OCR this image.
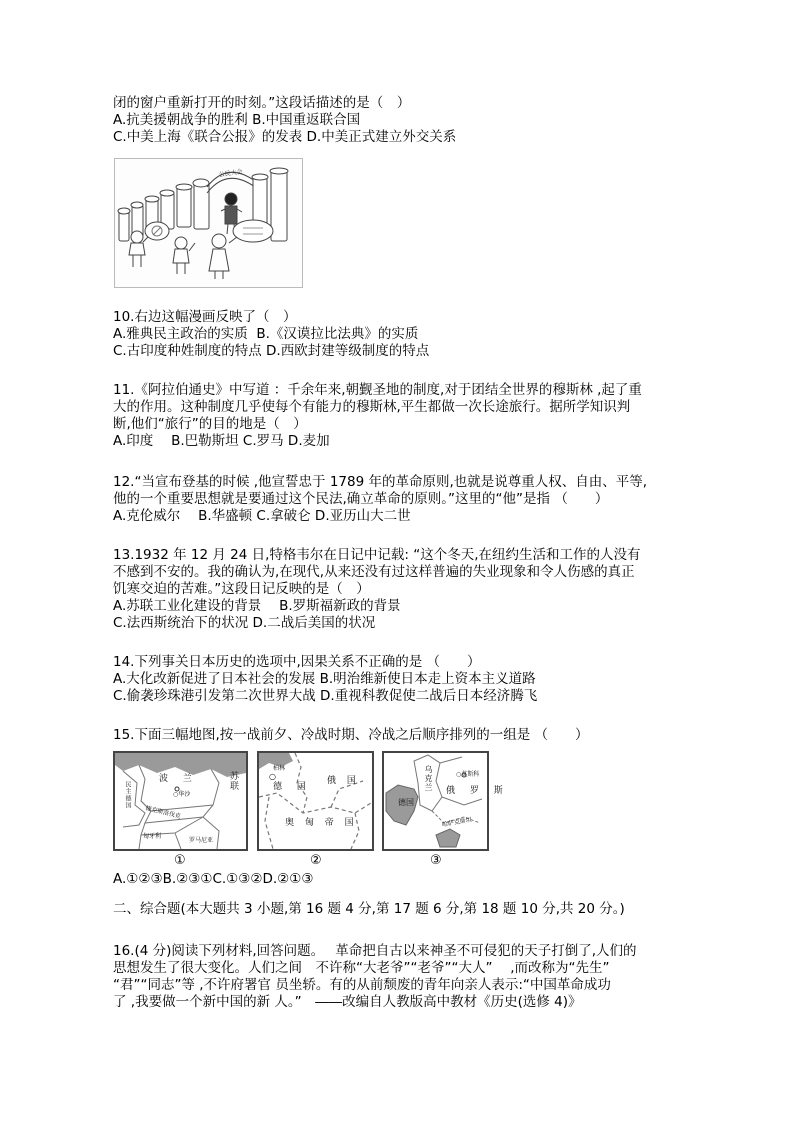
闭的窗户重新打开的时刻。”这段话描述的是（　）
A.抗美援朝战争的胜利 B.中国重返联合国
C.中美上海《联合公报》的发表 D.中美正式建立外交关系
公民大会
10.右边这幅漫画反映了（　）
A.雅典民主政治的实质  B.《汉谟拉比法典》的实质
C.古印度种姓制度的特点 D.西欧封建等级制度的特点
11.《阿拉伯通史》中写道 ：千余年来,朝觐圣地的制度,对于团结全世界的穆斯林 ,起了重
大的作用。这种制度几乎使每个有能力的穆斯林,平生都做一次长途旅行。据所学知识判
断,他们“旅行”的目的地是（　）
A.印度　 B.巴勒斯坦 C.罗马 D.麦加
12.“当宣布登基的时候 ,他宣誓忠于 1789 年的革命原则,也就是说尊重人权、自由、平等,
他的一个重要思想就是要通过这个民法,确立革命的原则。”这里的“他”是指 （　　）
A.克伦威尔　 B.华盛顿 C.拿破仑 D.亚历山大二世
13.1932 年 12 月 24 日,特格韦尔在日记中记载: “这个冬天,在纽约生活和工作的人没有
不感到不安的。我的确认为,在现代,从来还没有过这样普遍的失业现象和令人伤感的真正
饥寒交迫的苦难。”这段日记反映的是（　）
A.苏联工业化建设的背景　 B.罗斯福新政的背景
C.法西斯统治下的状况 D.二战后美国的状况
14.下列事关日本历史的选项中,因果关系不正确的是 （　　）
A.大化改新促进了日本社会的发展 B.明治维新使日本走上资本主义道路
C.偷袭珍珠港引发第二次世界大战 D.重视科教促使二战后日本经济腾飞
15.下面三幅地图,按一战前夕、冷战时期、冷战之后顺序排列的一组是 （　　）
波 兰	苏联
○华沙
民主德国
捷克斯洛伐克
匈牙利
罗马尼亚
柏林
○
德 国
俄 国
奥 匈 帝 国
乌克兰
德国
俄 罗 斯
○莫斯科
哈萨克斯坦
①	②	③
A.①②③B.②③①C.①③②D.②①③
二、综合题(本大题共 3 小题,第 16 题 4 分,第 17 题 6 分,第 18 题 10 分,共 20 分。)
16.(4 分)阅读下列材料,回答问题。　 革命把自古以来神圣不可侵犯的天子打倒了,人们的
思想发生了很大变化。人们之间　不许称“大老爷”“老爷”“大人”　 ,而改称为“先生”
“君”“同志”等 ,不许府署官 员坐轿。有的从前颓废的青年向亲人表示:“中国革命成功
了 ,我要做一个新中国的新 人。”　――改编自人教版高中教材《历史(选修 4)》
